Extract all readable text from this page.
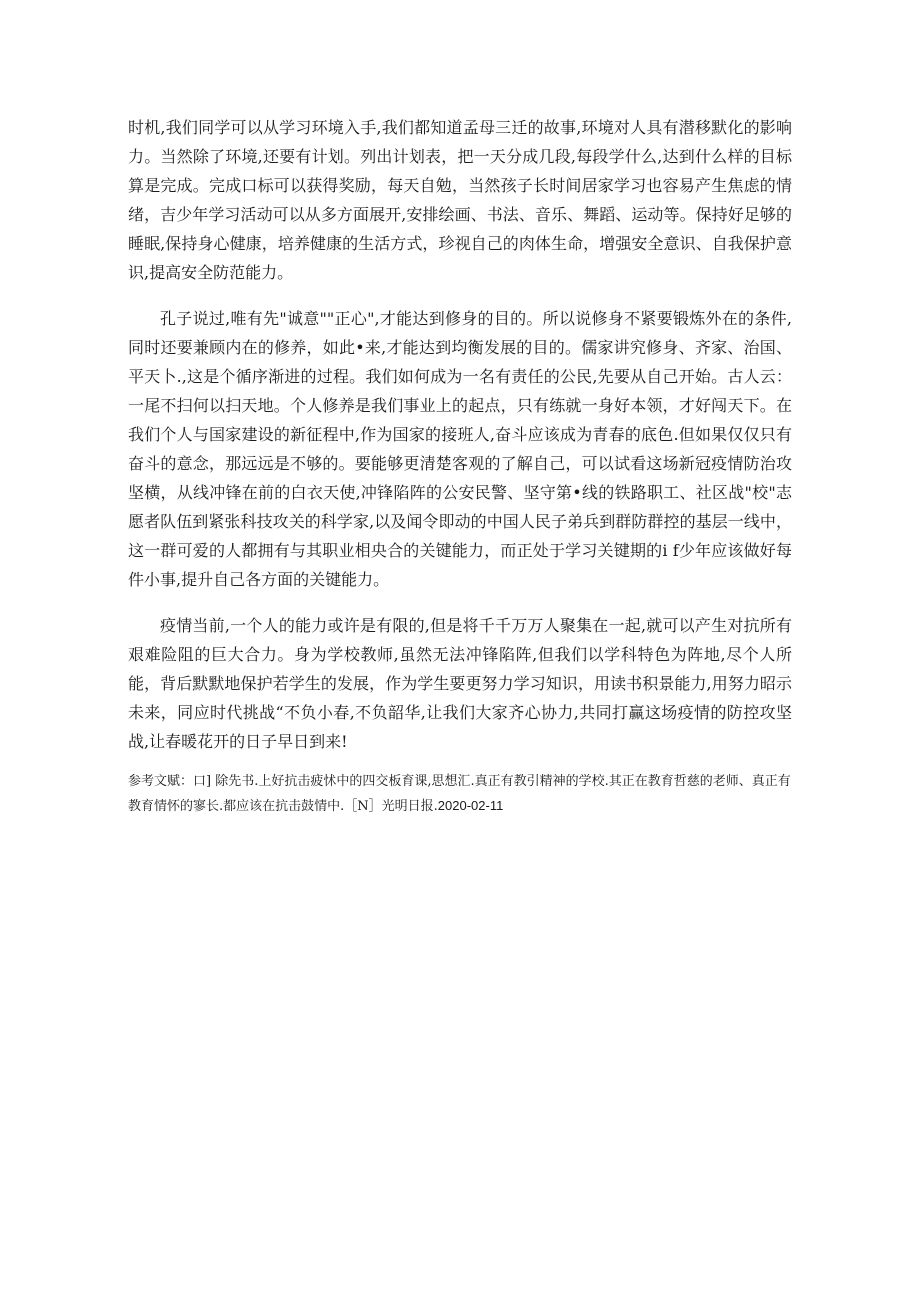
时机,我们同学可以从学习环境入手,我们都知道孟母三迁的故事,环境对人具有潜移默化的影响力。当然除了环境,还要有计划。列出计划表，把一天分成几段,每段学什么,达到什么样的目标算是完成。完成口标可以获得奖励，每天自勉，当然孩子长时间居家学习也容易产生焦虑的情绪，吉少年学习活动可以从多方面展开,安排绘画、书法、音乐、舞蹈、运动等。保持好足够的睡眠,保持身心健康，培养健康的生活方式，珍视自己的肉体生命，增强安全意识、自我保护意识,提高安全防范能力。

孔子说过,唯有先"诚意""正心",才能达到修身的目的。所以说修身不紧要锻炼外在的条件,同时还要兼顾内在的修养，如此•来,才能达到均衡发展的目的。儒家讲究修身、齐家、治国、平天卜.,这是个循序渐进的过程。我们如何成为一名有责任的公民,先要从自己开始。古人云：一尾不扫何以扫天地。个人修养是我们事业上的起点，只有练就一身好本领，才好闯天下。在我们个人与国家建设的新征程中,作为国家的接班人,奋斗应该成为青春的底色.但如果仅仅只有奋斗的意念，那远远是不够的。要能够更清楚客观的了解自己，可以试看这场新冠疫情防治攻坚横，从线冲锋在前的白衣天使,冲锋陷阵的公安民警、坚守第•线的铁路职工、社区战"校"志愿者队伍到紧张科技攻关的科学家,以及闻令即动的中国人民子弟兵到群防群控的基层一线中，这一群可爱的人都拥有与其职业相央合的关键能力，而正处于学习关键期的i f少年应该做好每件小事,提升自己各方面的关键能力。

疫情当前,一个人的能力或许是有限的,但是将千千万万人聚集在一起,就可以产生对抗所有艰难险阻的巨大合力。身为学校教师,虽然无法冲锋陷阵,但我们以学科特色为阵地,尽个人所能，背后默默地保护若学生的发展，作为学生要更努力学习知识，用读书积景能力,用努力昭示未来，同应时代挑战“不负小春,不负韶华,让我们大家齐心协力,共同打赢这场疫情的防控攻坚战,让春暖花开的日子早日到来!

参考文赋：口] 除先书.上好抗击疲怵中的四交板育课,思想汇.真正有教引精神的学校.其正在教育哲慈的老师、真正有教育情怀的寥长.都应该在抗击鼓情中.［N］光明日报.2020-02-11
